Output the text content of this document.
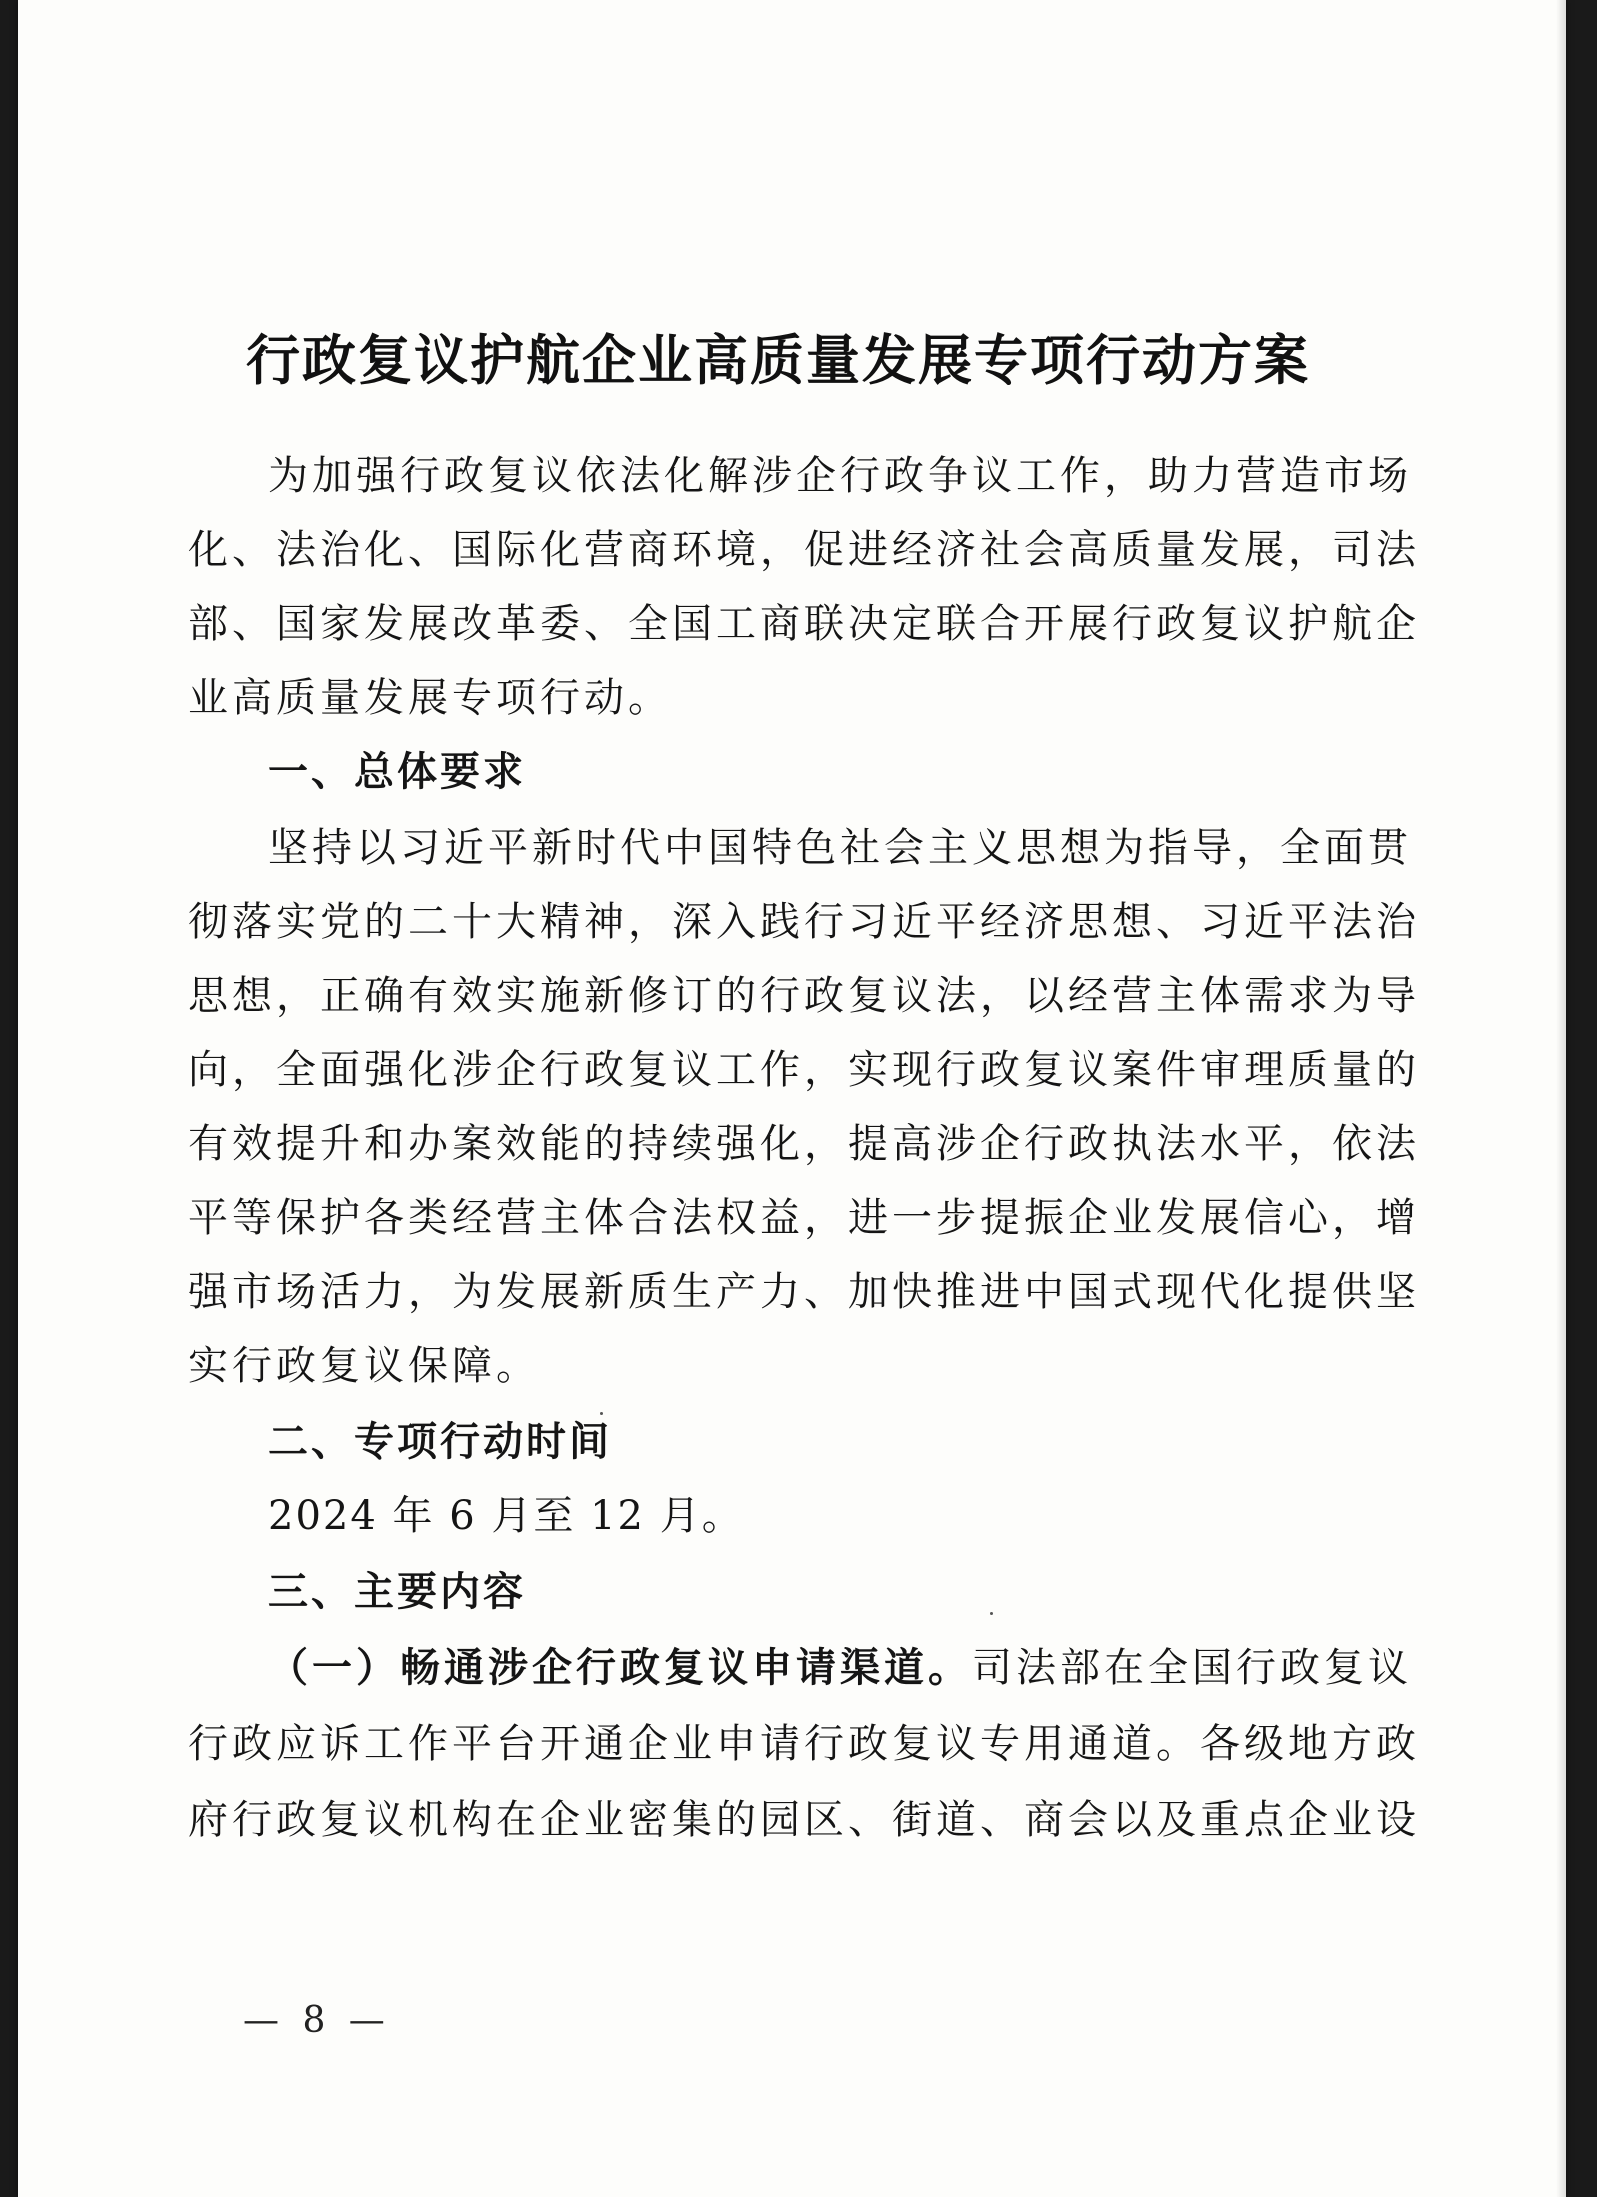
行政复议护航企业高质量发展专项行动方案

为加强行政复议依法化解涉企行政争议工作，助力营造市场

化、法治化、国际化营商环境，促进经济社会高质量发展，司法

部、国家发展改革委、全国工商联决定联合开展行政复议护航企

业高质量发展专项行动。

一、总体要求

坚持以习近平新时代中国特色社会主义思想为指导，全面贯

彻落实党的二十大精神，深入践行习近平经济思想、习近平法治

思想，正确有效实施新修订的行政复议法，以经营主体需求为导

向，全面强化涉企行政复议工作，实现行政复议案件审理质量的

有效提升和办案效能的持续强化，提高涉企行政执法水平，依法

平等保护各类经营主体合法权益，进一步提振企业发展信心，增

强市场活力，为发展新质生产力、加快推进中国式现代化提供坚

实行政复议保障。

二、专项行动时间

2024 年 6 月至 12 月。

三、主要内容

（一）畅通涉企行政复议申请渠道。司法部在全国行政复议

行政应诉工作平台开通企业申请行政复议专用通道。各级地方政

府行政复议机构在企业密集的园区、街道、商会以及重点企业设

— 8 —
